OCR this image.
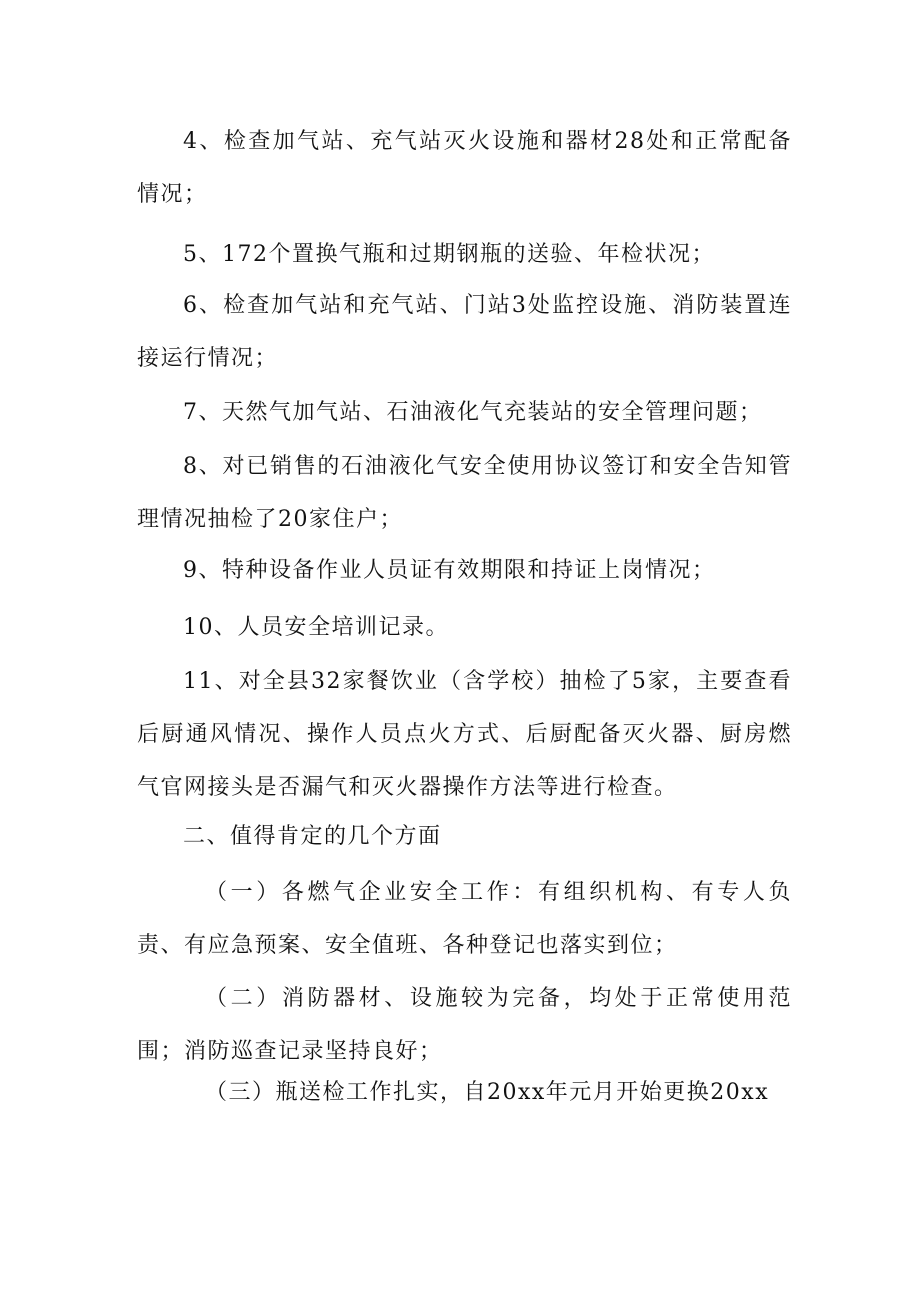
4、检查加气站、充气站灭火设施和器材28处和正常配备情况；

5、172个置换气瓶和过期钢瓶的送验、年检状况；

6、检查加气站和充气站、门站3处监控设施、消防装置连接运行情况；

7、天然气加气站、石油液化气充装站的安全管理问题；

8、对已销售的石油液化气安全使用协议签订和安全告知管理情况抽检了20家住户；

9、特种设备作业人员证有效期限和持证上岗情况；

10、人员安全培训记录。

11、对全县32家餐饮业（含学校）抽检了5家，主要查看后厨通风情况、操作人员点火方式、后厨配备灭火器、厨房燃气官网接头是否漏气和灭火器操作方法等进行检查。

二、值得肯定的几个方面

（一）各燃气企业安全工作：有组织机构、有专人负责、有应急预案、安全值班、各种登记也落实到位；

（二）消防器材、设施较为完备，均处于正常使用范围；消防巡查记录坚持良好；

（三）瓶送检工作扎实，自20xx年元月开始更换20xx
